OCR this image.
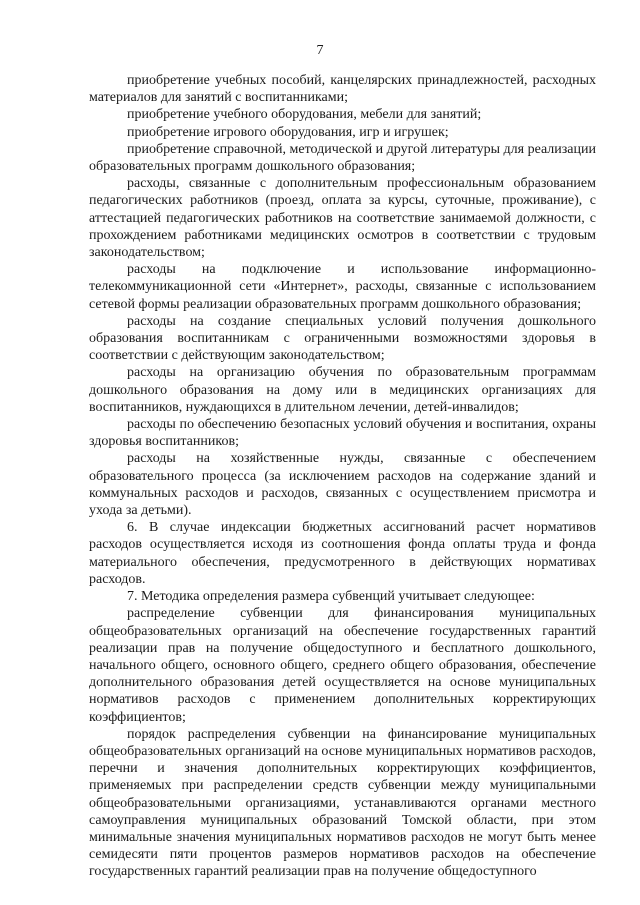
7

приобретение учебных пособий, канцелярских принадлежностей, расходных материалов для занятий с воспитанниками;

приобретение учебного оборудования, мебели для занятий;

приобретение игрового оборудования, игр и игрушек;

приобретение справочной, методической и другой литературы для реализации образовательных программ дошкольного образования;

расходы, связанные с дополнительным профессиональным образованием педагогических работников (проезд, оплата за курсы, суточные, проживание), с аттестацией педагогических работников на соответствие занимаемой должности, с прохождением работниками медицинских осмотров в соответствии с трудовым законодательством;

расходы на подключение и использование информационно-телекоммуникационной сети «Интернет», расходы, связанные с использованием сетевой формы реализации образовательных программ дошкольного образования;

расходы на создание специальных условий получения дошкольного образования воспитанникам с ограниченными возможностями здоровья в соответствии с действующим законодательством;

расходы на организацию обучения по образовательным программам дошкольного образования на дому или в медицинских организациях для воспитанников, нуждающихся в длительном лечении, детей-инвалидов;

расходы по обеспечению безопасных условий обучения и воспитания, охраны здоровья воспитанников;

расходы на хозяйственные нужды, связанные с обеспечением образовательного процесса (за исключением расходов на содержание зданий и коммунальных расходов и расходов, связанных с осуществлением присмотра и ухода за детьми).

6. В случае индексации бюджетных ассигнований расчет нормативов расходов осуществляется исходя из соотношения фонда оплаты труда и фонда материального обеспечения, предусмотренного в действующих нормативах расходов.

7. Методика определения размера субвенций учитывает следующее:

распределение субвенции для финансирования муниципальных общеобразовательных организаций на обеспечение государственных гарантий реализации прав на получение общедоступного и бесплатного дошкольного, начального общего, основного общего, среднего общего образования, обеспечение дополнительного образования детей осуществляется на основе муниципальных нормативов расходов с применением дополнительных корректирующих коэффициентов;

порядок распределения субвенции на финансирование муниципальных общеобразовательных организаций на основе муниципальных нормативов расходов, перечни и значения дополнительных корректирующих коэффициентов, применяемых при распределении средств субвенции между муниципальными общеобразовательными организациями, устанавливаются органами местного самоуправления муниципальных образований Томской области, при этом минимальные значения муниципальных нормативов расходов не могут быть менее семидесяти пяти процентов размеров нормативов расходов на обеспечение государственных гарантий реализации прав на получение общедоступного
